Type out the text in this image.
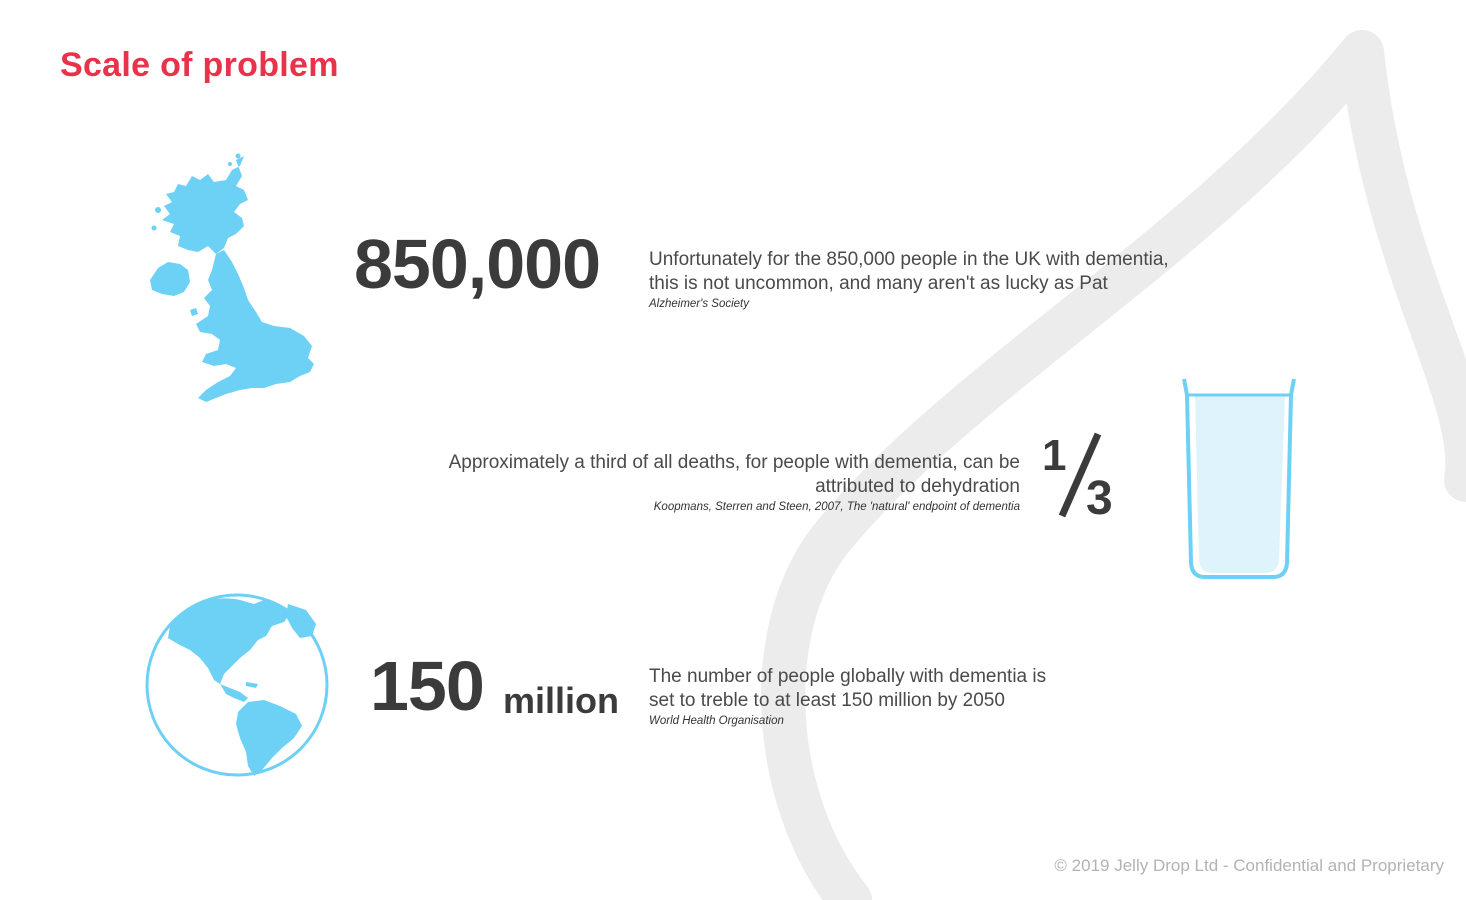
Scale of problem
850,000	Unfortunately for the 850,000 people in the UK with dementia,
this is not uncommon, and many aren't as lucky as Pat
Alzheimer's Society
Approximately a third of all deaths, for people with dementia, can be
attributed to dehydration
Koopmans, Sterren and Steen, 2007, The 'natural' endpoint of dementia
1
3
150 million
The number of people globally with dementia is
set to treble to at least 150 million by 2050
World Health Organisation
© 2019 Jelly Drop Ltd - Confidential and Proprietary
